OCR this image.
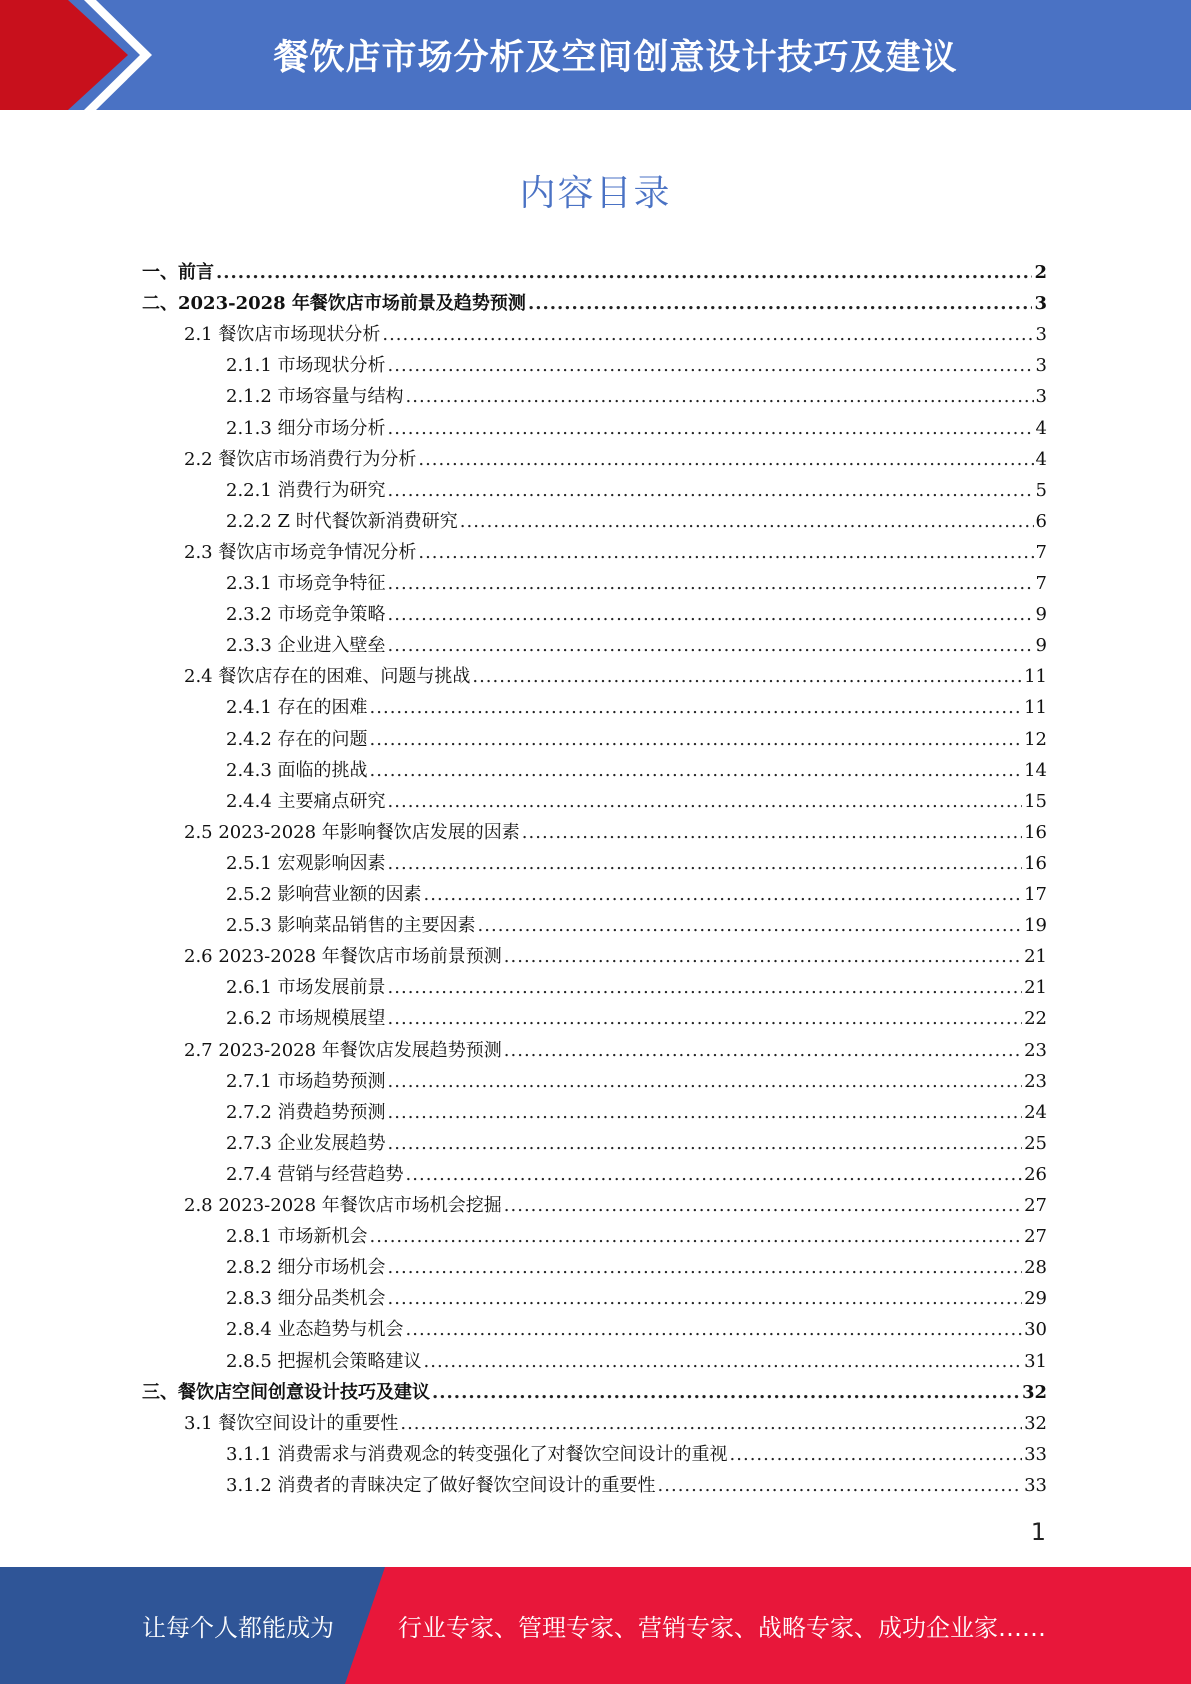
餐饮店市场分析及空间创意设计技巧及建议
内容目录
一、前言 .....	2
二、2023-2028 年餐饮店市场前景及趋势预测 .....	3
2.1 餐饮店市场现状分析 .....	3
2.1.1 市场现状分析 .....	3
2.1.2 市场容量与结构 .....	3
2.1.3 细分市场分析 .....	4
2.2 餐饮店市场消费行为分析 .....	4
2.2.1 消费行为研究 .....	5
2.2.2 Z 时代餐饮新消费研究 .....	6
2.3 餐饮店市场竞争情况分析 .....	7
2.3.1 市场竞争特征 .....	7
2.3.2 市场竞争策略 .....	9
2.3.3 企业进入壁垒 .....	9
2.4 餐饮店存在的困难、问题与挑战 .....	11
2.4.1 存在的困难 .....	11
2.4.2 存在的问题 .....	12
2.4.3 面临的挑战 .....	14
2.4.4 主要痛点研究 .....	15
2.5 2023-2028 年影响餐饮店发展的因素 .....	16
2.5.1 宏观影响因素 .....	16
2.5.2 影响营业额的因素 .....	17
2.5.3 影响菜品销售的主要因素 .....	19
2.6 2023-2028 年餐饮店市场前景预测 .....	21
2.6.1 市场发展前景 .....	21
2.6.2 市场规模展望 .....	22
2.7 2023-2028 年餐饮店发展趋势预测 .....	23
2.7.1 市场趋势预测 .....	23
2.7.2 消费趋势预测 .....	24
2.7.3 企业发展趋势 .....	25
2.7.4 营销与经营趋势 .....	26
2.8 2023-2028 年餐饮店市场机会挖掘 .....	27
2.8.1 市场新机会 .....	27
2.8.2 细分市场机会 .....	28
2.8.3 细分品类机会 .....	29
2.8.4 业态趋势与机会 .....	30
2.8.5 把握机会策略建议 .....	31
三、餐饮店空间创意设计技巧及建议 .....	32
3.1 餐饮空间设计的重要性 .....	32
3.1.1 消费需求与消费观念的转变强化了对餐饮空间设计的重视 .....	33
3.1.2 消费者的青睐决定了做好餐饮空间设计的重要性 .....	33
1
让每个人都能成为	行业专家、管理专家、营销专家、战略专家、成功企业家……
